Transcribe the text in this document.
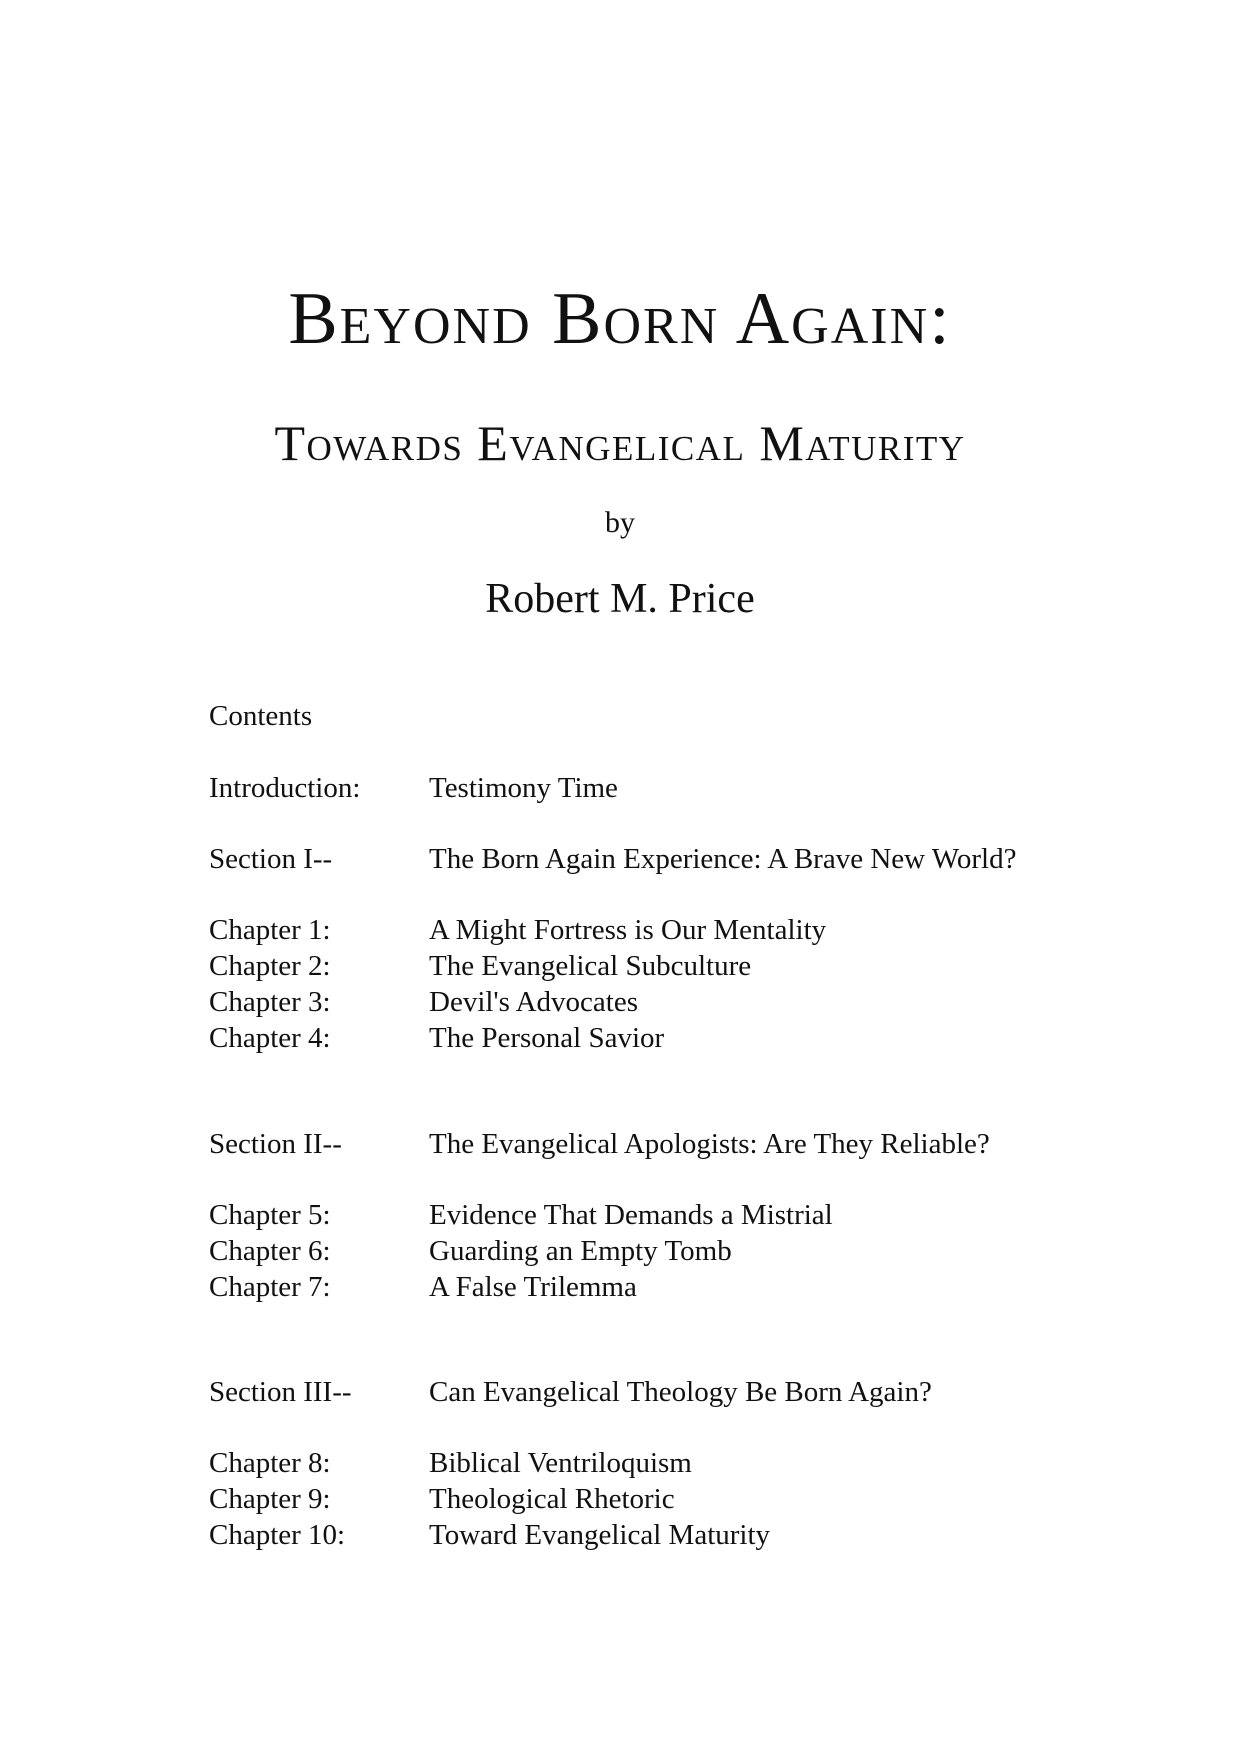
Beyond Born Again:
Towards Evangelical Maturity
by
Robert M. Price
Contents
Introduction: Testimony Time
Section I--	The Born Again Experience: A Brave New World?
Chapter 1:	A Might Fortress is Our Mentality
Chapter 2:	The Evangelical Subculture
Chapter 3:	Devil's Advocates
Chapter 4:	The Personal Savior
Section II--	The Evangelical Apologists: Are They Reliable?
Chapter 5:	Evidence That Demands a Mistrial
Chapter 6:	Guarding an Empty Tomb
Chapter 7:	A False Trilemma
Section III--	Can Evangelical Theology Be Born Again?
Chapter 8:	Biblical Ventriloquism
Chapter 9:	Theological Rhetoric
Chapter 10:	Toward Evangelical Maturity
